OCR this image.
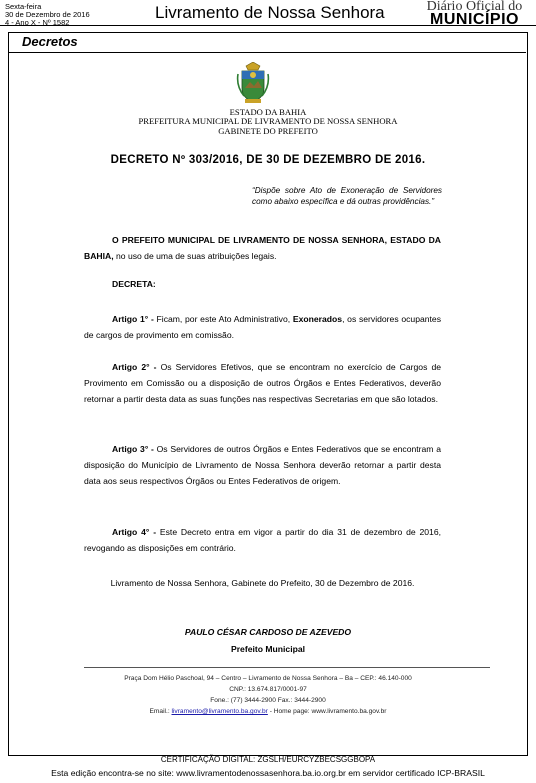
Sexta-feira
30 de Dezembro de 2016
4 - Ano X - Nº 1582
Livramento de Nossa Senhora	Diário Oficial do
MUNICÍPIO
Decretos
ESTADO DA BAHIA
PREFEITURA MUNICIPAL DE LIVRAMENTO DE NOSSA SENHORA
GABINETE DO PREFEITO
DECRETO Nº 303/2016, DE 30 DE DEZEMBRO DE 2016.
“Dispõe sobre Ato de Exoneração de Servidores como abaixo específica e dá outras providências.”
O PREFEITO MUNICIPAL DE LIVRAMENTO DE NOSSA SENHORA, ESTADO DA BAHIA, no uso de uma de suas atribuições legais.
DECRETA:
Artigo 1° - Ficam, por este Ato Administrativo, Exonerados, os servidores ocupantes de cargos de provimento em comissão.
Artigo 2° - Os Servidores Efetivos, que se encontram no exercício de Cargos de Provimento em Comissão ou a disposição de outros Órgãos e Entes Federativos, deverão retornar a partir desta data as suas funções nas respectivas Secretarias em que são lotados.
Artigo 3° - Os Servidores de outros Órgãos e Entes Federativos que se encontram a disposição do Município de Livramento de Nossa Senhora deverão retornar a partir desta data aos seus respectivos Órgãos ou Entes Federativos de origem.
Artigo 4° - Este Decreto entra em vigor a partir do dia 31 de dezembro de 2016, revogando as disposições em contrário.
Livramento de Nossa Senhora, Gabinete do Prefeito, 30 de Dezembro de 2016.
PAULO CÉSAR CARDOSO DE AZEVEDO
Prefeito Municipal
Praça Dom Hélio Paschoal, 94 – Centro – Livramento de Nossa Senhora – Ba – CEP.: 46.140-000
CNP.: 13.674.817/0001-97
Fone.: (77) 3444-2900 Fax.: 3444-2900
Email.: livramento@livramento.ba.gov.br - Home page: www.livramento.ba.gov.br
CERTIFICAÇÃO DIGITAL: ZGSLH/EURCYZBECSGGBOPA
Esta edição encontra-se no site: www.livramentodenossasenhora.ba.io.org.br em servidor certificado ICP-BRASIL
